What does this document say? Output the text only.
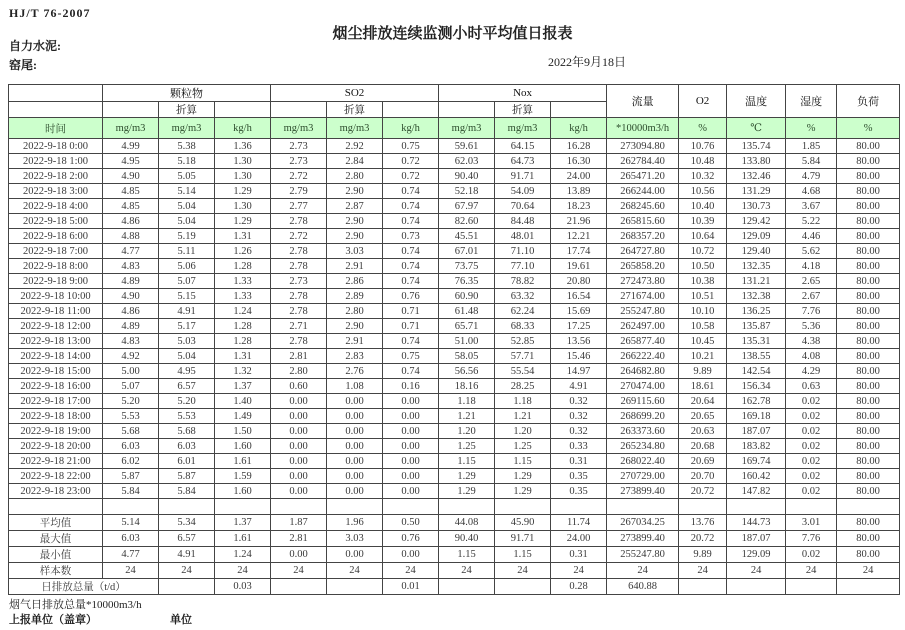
HJ/T 76-2007
烟尘排放连续监测小时平均值日报表
自力水泥:
窑尾:	2022年9月18日
	颗粒物			SO2			Nox			流量	O2	温度	湿度	负荷
		折算			折算			折算						
时间	mg/m3	mg/m3	kg/h	mg/m3	mg/m3	kg/h	mg/m3	mg/m3	kg/h	*10000m3/h	%	℃	%	%
2022-9-18 0:00	4.99	5.38	1.36	2.73	2.92	0.75	59.61	64.15	16.28	273094.80	10.76	135.74	1.85	80.00
2022-9-18 1:00	4.95	5.18	1.30	2.73	2.84	0.72	62.03	64.73	16.30	262784.40	10.48	133.80	5.84	80.00
2022-9-18 2:00	4.90	5.05	1.30	2.72	2.80	0.72	90.40	91.71	24.00	265471.20	10.32	132.46	4.79	80.00
2022-9-18 3:00	4.85	5.14	1.29	2.79	2.90	0.74	52.18	54.09	13.89	266244.00	10.56	131.29	4.68	80.00
2022-9-18 4:00	4.85	5.04	1.30	2.77	2.87	0.74	67.97	70.64	18.23	268245.60	10.40	130.73	3.67	80.00
2022-9-18 5:00	4.86	5.04	1.29	2.78	2.90	0.74	82.60	84.48	21.96	265815.60	10.39	129.42	5.22	80.00
2022-9-18 6:00	4.88	5.19	1.31	2.72	2.90	0.73	45.51	48.01	12.21	268357.20	10.64	129.09	4.46	80.00
2022-9-18 7:00	4.77	5.11	1.26	2.78	3.03	0.74	67.01	71.10	17.74	264727.80	10.72	129.40	5.62	80.00
2022-9-18 8:00	4.83	5.06	1.28	2.78	2.91	0.74	73.75	77.10	19.61	265858.20	10.50	132.35	4.18	80.00
2022-9-18 9:00	4.89	5.07	1.33	2.73	2.86	0.74	76.35	78.82	20.80	272473.80	10.38	131.21	2.65	80.00
2022-9-18 10:00	4.90	5.15	1.33	2.78	2.89	0.76	60.90	63.32	16.54	271674.00	10.51	132.38	2.67	80.00
2022-9-18 11:00	4.86	4.91	1.24	2.78	2.80	0.71	61.48	62.24	15.69	255247.80	10.10	136.25	7.76	80.00
2022-9-18 12:00	4.89	5.17	1.28	2.71	2.90	0.71	65.71	68.33	17.25	262497.00	10.58	135.87	5.36	80.00
2022-9-18 13:00	4.83	5.03	1.28	2.78	2.91	0.74	51.00	52.85	13.56	265877.40	10.45	135.31	4.38	80.00
2022-9-18 14:00	4.92	5.04	1.31	2.81	2.83	0.75	58.05	57.71	15.46	266222.40	10.21	138.55	4.08	80.00
2022-9-18 15:00	5.00	4.95	1.32	2.80	2.76	0.74	56.56	55.54	14.97	264682.80	9.89	142.54	4.29	80.00
2022-9-18 16:00	5.07	6.57	1.37	0.60	1.08	0.16	18.16	28.25	4.91	270474.00	18.61	156.34	0.63	80.00
2022-9-18 17:00	5.20	5.20	1.40	0.00	0.00	0.00	1.18	1.18	0.32	269115.60	20.64	162.78	0.02	80.00
2022-9-18 18:00	5.53	5.53	1.49	0.00	0.00	0.00	1.21	1.21	0.32	268699.20	20.65	169.18	0.02	80.00
2022-9-18 19:00	5.68	5.68	1.50	0.00	0.00	0.00	1.20	1.20	0.32	263373.60	20.63	187.07	0.02	80.00
2022-9-18 20:00	6.03	6.03	1.60	0.00	0.00	0.00	1.25	1.25	0.33	265234.80	20.68	183.82	0.02	80.00
2022-9-18 21:00	6.02	6.01	1.61	0.00	0.00	0.00	1.15	1.15	0.31	268022.40	20.69	169.74	0.02	80.00
2022-9-18 22:00	5.87	5.87	1.59	0.00	0.00	0.00	1.29	1.29	0.35	270729.00	20.70	160.42	0.02	80.00
2022-9-18 23:00	5.84	5.84	1.60	0.00	0.00	0.00	1.29	1.29	0.35	273899.40	20.72	147.82	0.02	80.00

平均值	5.14	5.34	1.37	1.87	1.96	0.50	44.08	45.90	11.74	267034.25	13.76	144.73	3.01	80.00
最大值	6.03	6.57	1.61	2.81	3.03	0.76	90.40	91.71	24.00	273899.40	20.72	187.07	7.76	80.00
最小值	4.77	4.91	1.24	0.00	0.00	0.00	1.15	1.15	0.31	255247.80	9.89	129.09	0.02	80.00
样本数	24	24	24	24	24	24	24	24	24	24	24	24	24	24
日排放总量（t/d）			0.03			0.01			0.28	640.88				
烟气日排放总量*10000m3/h
上报单位（盖章）	单位
